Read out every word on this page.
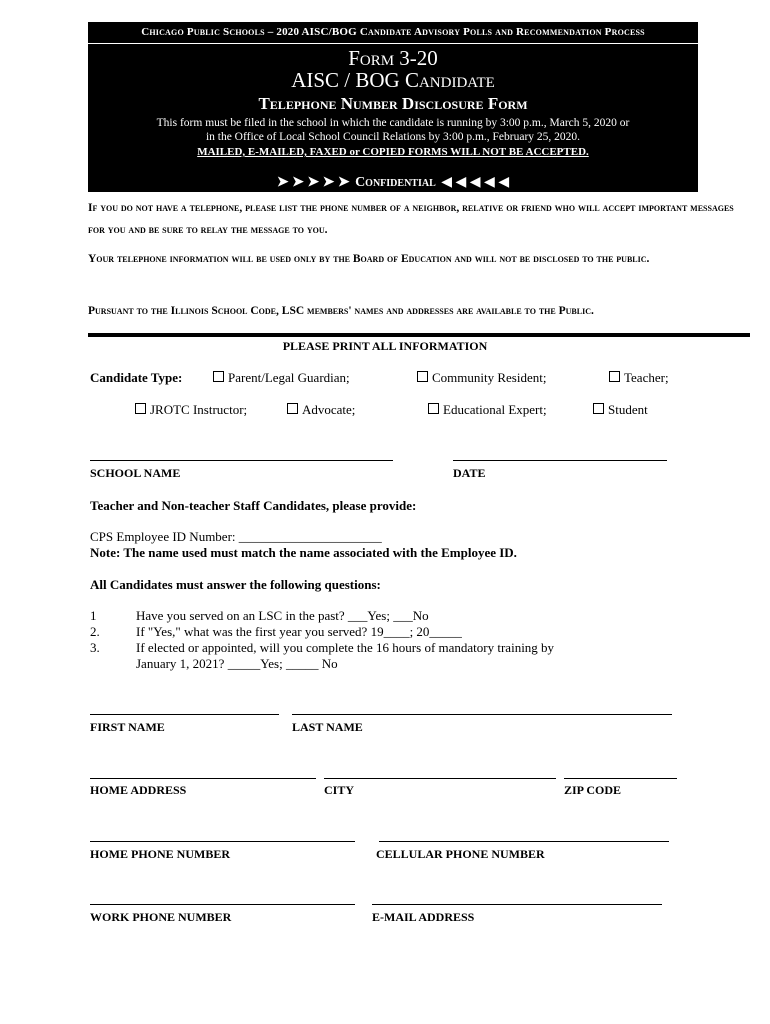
Chicago Public Schools – 2020 AISC/BOG Candidate Advisory Polls and Recommendation Process
Form 3-20
AISC / BOG Candidate
Telephone Number Disclosure Form
This form must be filed in the school in which the candidate is running by 3:00 p.m., March 5, 2020 or
in the Office of Local School Council Relations by 3:00 p.m., February 25, 2020.
MAILED, E-MAILED, FAXED or COPIED FORMS WILL NOT BE ACCEPTED.
➤ ➤ ➤ ➤ ➤ Confidential ◀ ◀ ◀ ◀ ◀
If you do not have a telephone, please list the phone number of a neighbor, relative or friend who will accept important messages for you and be sure to relay the message to you.
Your telephone information will be used only by the Board of Education and will not be disclosed to the public.
Pursuant to the Illinois School Code, LSC members' names and addresses are available to the Public.
PLEASE PRINT ALL INFORMATION
Candidate Type:	Parent/Legal Guardian;	Community Resident;	Teacher;
JROTC Instructor;	Advocate;	Educational Expert;	Student
SCHOOL NAME	DATE
Teacher and Non-teacher Staff Candidates, please provide:
CPS Employee ID Number: ______________________
Note: The name used must match the name associated with the Employee ID.
All Candidates must answer the following questions:
1	Have you served on an LSC in the past? ___Yes; ___No
2.	If "Yes," what was the first year you served? 19____; 20_____
3.	If elected or appointed, will you complete the 16 hours of mandatory training by
January 1, 2021? _____Yes; _____ No
FIRST NAME	LAST NAME
HOME ADDRESS	CITY	ZIP CODE
HOME PHONE NUMBER	CELLULAR PHONE NUMBER
WORK PHONE NUMBER	E-MAIL ADDRESS
